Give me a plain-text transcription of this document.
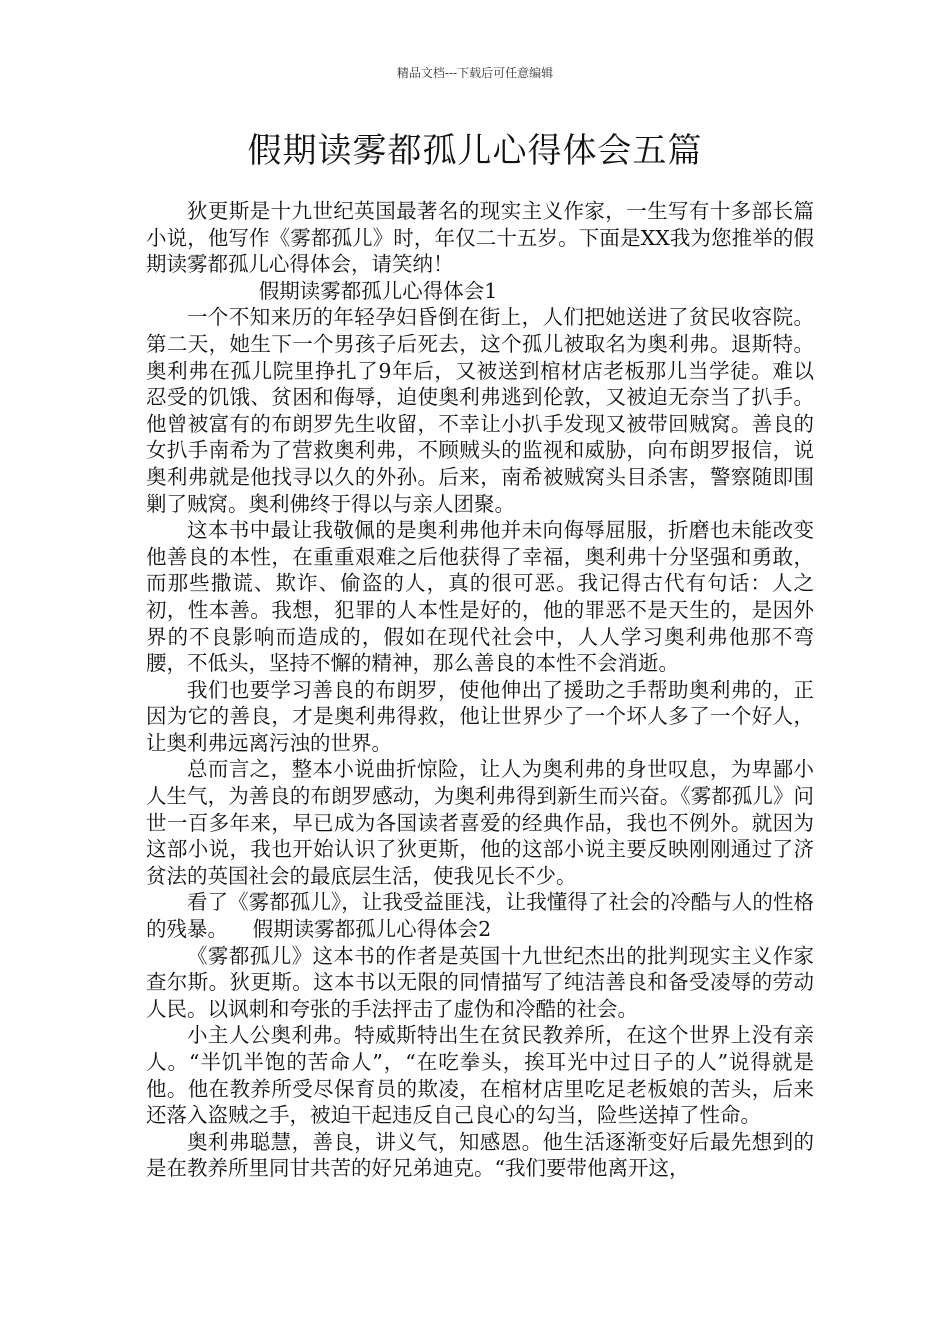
精品文档---下载后可任意编辑
假期读雾都孤儿心得体会五篇

狄更斯是十九世纪英国最著名的现实主义作家，一生写有十多部长篇小说，他写作《雾都孤儿》时，年仅二十五岁。下面是XX我为您推举的假期读雾都孤儿心得体会，请笑纳！

假期读雾都孤儿心得体会1

一个不知来历的年轻孕妇昏倒在街上，人们把她送进了贫民收容院。第二天，她生下一个男孩子后死去，这个孤儿被取名为奥利弗。退斯特。奥利弗在孤儿院里挣扎了9年后，又被送到棺材店老板那儿当学徒。难以忍受的饥饿、贫困和侮辱，迫使奥利弗逃到伦敦，又被迫无奈当了扒手。他曾被富有的布朗罗先生收留，不幸让小扒手发现又被带回贼窝。善良的女扒手南希为了营救奥利弗，不顾贼头的监视和威胁，向布朗罗报信，说奥利弗就是他找寻以久的外孙。后来，南希被贼窝头目杀害，警察随即围剿了贼窝。奥利佛终于得以与亲人团聚。

这本书中最让我敬佩的是奥利弗他并未向侮辱屈服，折磨也未能改变他善良的本性，在重重艰难之后他获得了幸福，奥利弗十分坚强和勇敢，而那些撒谎、欺诈、偷盗的人，真的很可恶。我记得古代有句话：人之初，性本善。我想，犯罪的人本性是好的，他的罪恶不是天生的，是因外界的不良影响而造成的，假如在现代社会中，人人学习奥利弗他那不弯腰，不低头，坚持不懈的精神，那么善良的本性不会消逝。

我们也要学习善良的布朗罗，使他伸出了援助之手帮助奥利弗的，正因为它的善良，才是奥利弗得救，他让世界少了一个坏人多了一个好人，让奥利弗远离污浊的世界。

总而言之，整本小说曲折惊险，让人为奥利弗的身世叹息，为卑鄙小人生气，为善良的布朗罗感动，为奥利弗得到新生而兴奋。《雾都孤儿》问世一百多年来，早已成为各国读者喜爱的经典作品，我也不例外。就因为这部小说，我也开始认识了狄更斯，他的这部小说主要反映刚刚通过了济贫法的英国社会的最底层生活，使我见长不少。

看了《雾都孤儿》，让我受益匪浅，让我懂得了社会的冷酷与人的性格的残暴。 假期读雾都孤儿心得体会2

《雾都孤儿》这本书的作者是英国十九世纪杰出的批判现实主义作家查尔斯。狄更斯。这本书以无限的同情描写了纯洁善良和备受凌辱的劳动人民。以讽刺和夸张的手法抨击了虚伪和冷酷的社会。

小主人公奥利弗。特威斯特出生在贫民教养所，在这个世界上没有亲人。“半饥半饱的苦命人”，“在吃拳头，挨耳光中过日子的人”说得就是他。他在教养所受尽保育员的欺凌，在棺材店里吃足老板娘的苦头，后来还落入盗贼之手，被迫干起违反自己良心的勾当，险些送掉了性命。

奥利弗聪慧，善良，讲义气，知感恩。他生活逐渐变好后最先想到的是在教养所里同甘共苦的好兄弟迪克。“我们要带他离开这，
